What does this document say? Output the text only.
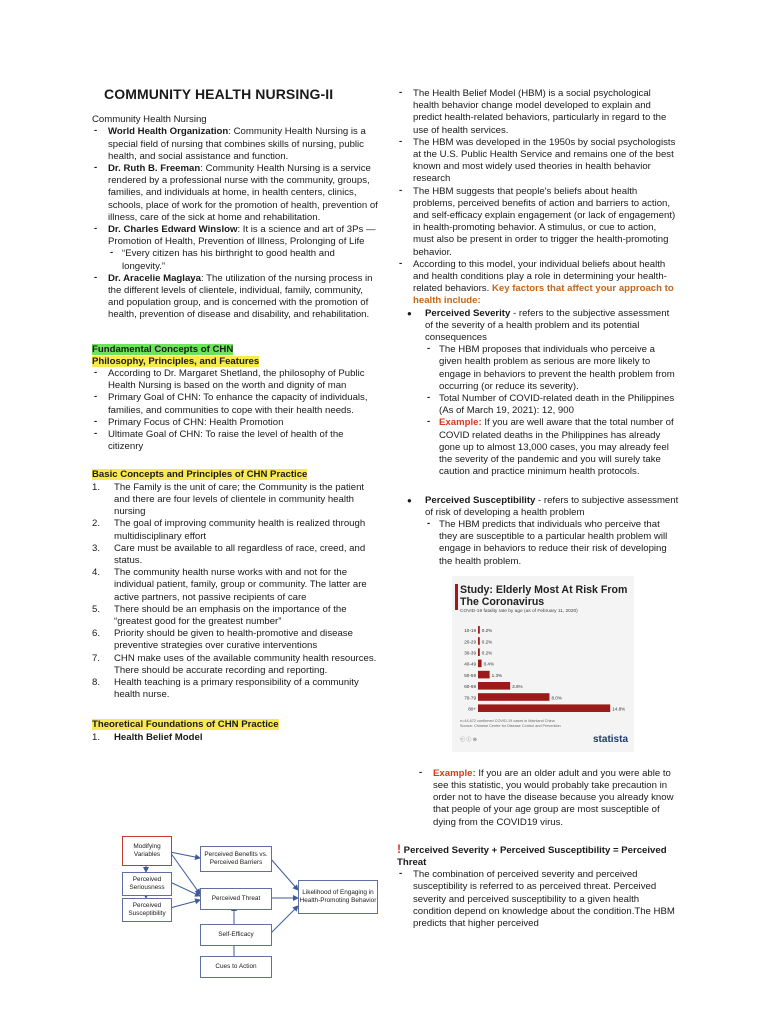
COMMUNITY HEALTH NURSING-II

Community Health Nursing

- World Health Organization: Community Health Nursing is a special field of nursing that combines skills of nursing, public health, and social assistance and function.
- Dr. Ruth B. Freeman: Community Health Nursing is a service rendered by a professional nurse with the community, groups, families, and individuals at home, in health centers, clinics, schools, place of work for the promotion of health, prevention of illness, care of the sick at home and rehabilitation.
- Dr. Charles Edward Winslow: It is a science and art of 3Ps — Promotion of Health, Prevention of Illness, Prolonging of Life
- “Every citizen has his birthright to good health and longevity.”
- Dr. Aracelie Maglaya: The utilization of the nursing process in the different levels of clientele, individual, family, community, and population group, and is concerned with the promotion of health, prevention of disease and disability, and rehabilitation.
Fundamental Concepts of CHN
Philosophy, Principles, and Features
- According to Dr. Margaret Shetland, the philosophy of Public Health Nursing is based on the worth and dignity of man
- Primary Goal of CHN: To enhance the capacity of individuals, families, and communities to cope with their health needs.
- Primary Focus of CHN: Health Promotion
- Ultimate Goal of CHN: To raise the level of health of the citizenry
Basic Concepts and Principles of CHN Practice
1. The Family is the unit of care; the Community is the patient and there are four levels of clientele in community health nursing
2. The goal of improving community health is realized through multidisciplinary effort
3. Care must be available to all regardless of race, creed, and status.
4. The community health nurse works with and not for the individual patient, family, group or community. The latter are active partners, not passive recipients of care
5. There should be an emphasis on the importance of the “greatest good for the greatest number”
6. Priority should be given to health-promotive and disease preventive strategies over curative interventions
7. CHN make uses of the available community health resources. There should be accurate recording and reporting.
8. Health teaching is a primary responsibility of a community health nurse.
Theoretical Foundations of CHN Practice
1. Health Belief Model
Modifying Variables
Perceived Seriousness
Perceived Susceptibility
Perceived Benefits vs. Perceived Barriers
Perceived Threat
Self-Efficacy
Cues to Action
Likelihood of Engaging in Health-Promoting Behavior
- The Health Belief Model (HBM) is a social psychological health behavior change model developed to explain and predict health-related behaviors, particularly in regard to the use of health services.
- The HBM was developed in the 1950s by social psychologists at the U.S. Public Health Service and remains one of the best known and most widely used theories in health behavior research
- The HBM suggests that people's beliefs about health problems, perceived benefits of action and barriers to action, and self-efficacy explain engagement (or lack of engagement) in health-promoting behavior. A stimulus, or cue to action, must also be present in order to trigger the health-promoting behavior.
- According to this model, your individual beliefs about health and health conditions play a role in determining your health-related behaviors. Key factors that affect your approach to health include:
● Perceived Severity - refers to the subjective assessment of the severity of a health problem and its potential consequences
- The HBM proposes that individuals who perceive a given health problem as serious are more likely to engage in behaviors to prevent the health problem from occurring (or reduce its severity).
- Total Number of COVID-related death in the Philippines (As of March 19, 2021): 12, 900
- Example: If you are well aware that the total number of COVID related deaths in the Philippines has already gone up to almost 13,000 cases, you may already feel the severity of the pandemic and you will surely take caution and practice minimum health protocols.
● Perceived Susceptibility - refers to subjective assessment of risk of developing a health problem
- The HBM predicts that individuals who perceive that they are susceptible to a particular health problem will engage in behaviors to reduce their risk of developing the health problem.
- Example: If you are an older adult and you were able to see this statistic, you would probably take precaution in order not to have the disease because you already know that people of your age group are most susceptible of dying from the COVID19 virus.

! Perceived Severity + Perceived Susceptibility = Perceived Threat

- The combination of perceived severity and perceived susceptibility is referred to as perceived threat. Perceived severity and perceived susceptibility to a given health condition depend on knowledge about the condition.The HBM predicts that higher perceived
Study: Elderly Most At Risk From The Coronavirus
COVID-19 fatality rate by age (as of February 11, 2020)
10-19 0.2%
20-29 0.2%
30-39 0.2%
40-49 0.4%
50-59	1.3%
60-69	3.6%
70-79	8.0%
80+	14.8%
n=44,672 confirmed COVID-19 cases in Mainland China
Source: Chinese Centre for Disease Control and Prevention
ⓒ ⓘ ⊜	statista
